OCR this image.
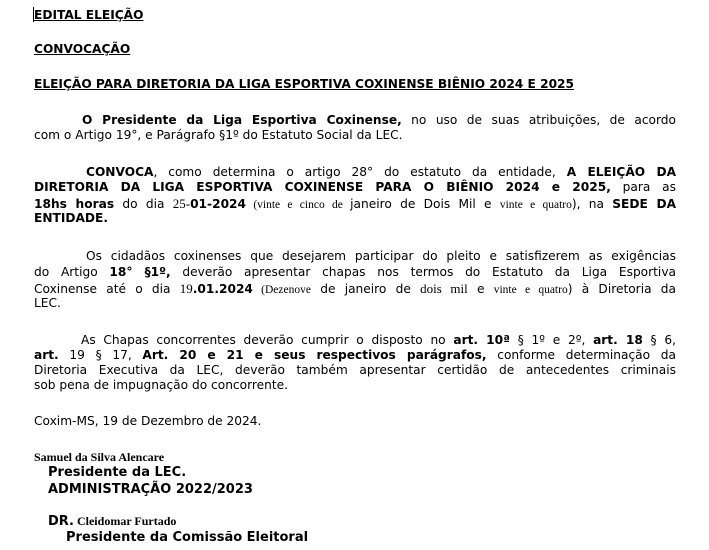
EDITAL ELEIÇÃO
CONVOCAÇÃO
ELEIÇÃO PARA DIRETORIA DA LIGA ESPORTIVA COXINENSE BIÊNIO 2024 E 2025
O Presidente da Liga Esportiva Coxinense, no uso de suas atribuições, de acordo
com o Artigo 19°, e Parágrafo §1º do Estatuto Social da LEC.
CONVOCA, como determina o artigo 28° do estatuto da entidade, A ELEIÇÃO DA
DIRETORIA DA LIGA ESPORTIVA COXINENSE PARA O BIÊNIO 2024 e 2025, para as
18hs horas do dia 25-01-2024 (vinte e cinco de janeiro de Dois Mil e vinte e quatro), na SEDE DA
ENTIDADE.
Os cidadãos coxinenses que desejarem participar do pleito e satisfizerem as exigências
do Artigo 18° §1º, deverão apresentar chapas nos termos do Estatuto da Liga Esportiva
Coxinense até o dia 19.01.2024 (Dezenove de janeiro de dois mil e vinte e quatro) à Diretoria da
LEC.
As Chapas concorrentes deverão cumprir o disposto no art. 10ª § 1º e 2º, art. 18 § 6,
art. 19 § 17, Art. 20 e 21 e seus respectivos parágrafos, conforme determinação da
Diretoria Executiva da LEC, deverão também apresentar certidão de antecedentes criminais
sob pena de impugnação do concorrente.
Coxim-MS, 19 de Dezembro de 2024.
Samuel da Silva Alencare
Presidente da LEC.
ADMINISTRAÇÃO 2022/2023
DR. Cleidomar Furtado
Presidente da Comissão Eleitoral
